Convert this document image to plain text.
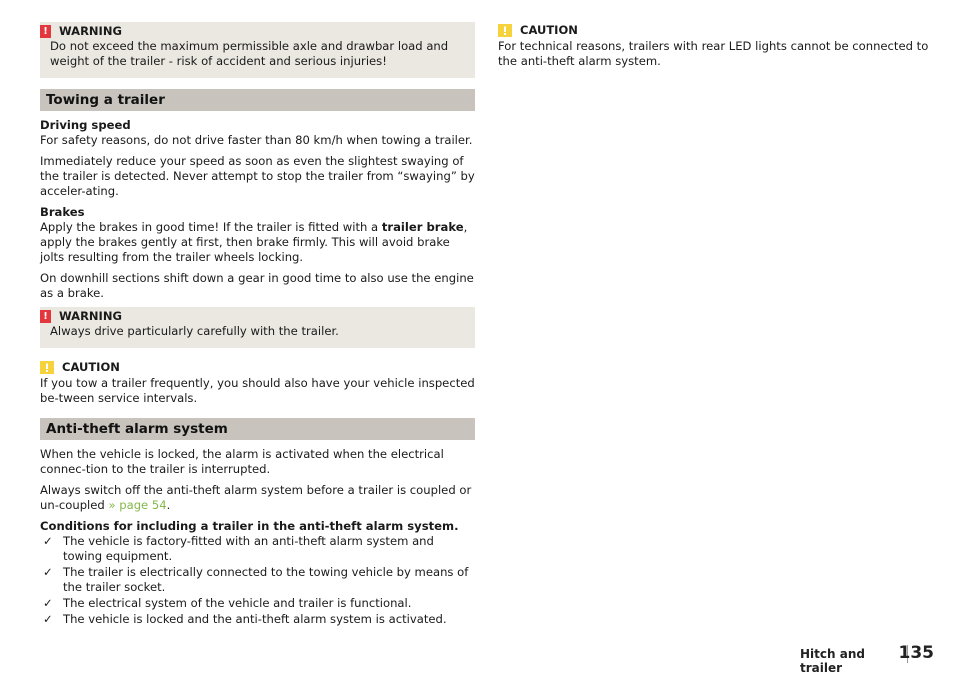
! WARNING

Do not exceed the maximum permissible axle and drawbar load and weight of the trailer - risk of accident and serious injuries!

Towing a trailer

Driving speed

For safety reasons, do not drive faster than 80 km/h when towing a trailer.

Immediately reduce your speed as soon as even the slightest swaying of the trailer is detected. Never attempt to stop the trailer from “swaying” by acceler-ating.

Brakes

Apply the brakes in good time! If the trailer is fitted with a trailer brake, apply the brakes gently at first, then brake firmly. This will avoid brake jolts resulting from the trailer wheels locking.

On downhill sections shift down a gear in good time to also use the engine as a brake.

! WARNING

Always drive particularly carefully with the trailer.

CAUTION

If you tow a trailer frequently, you should also have your vehicle inspected be-tween service intervals.

Anti-theft alarm system

When the vehicle is locked, the alarm is activated when the electrical connec-tion to the trailer is interrupted.

Always switch off the anti-theft alarm system before a trailer is coupled or un-coupled » page 54.

Conditions for including a trailer in the anti-theft alarm system.

✓ The vehicle is factory-fitted with an anti-theft alarm system and towing equipment.
✓ The trailer is electrically connected to the towing vehicle by means of the trailer socket.
✓ The electrical system of the vehicle and trailer is functional.
✓ The vehicle is locked and the anti-theft alarm system is activated.
CAUTION

For technical reasons, trailers with rear LED lights cannot be connected to the anti-theft alarm system.

Hitch and trailer
135
